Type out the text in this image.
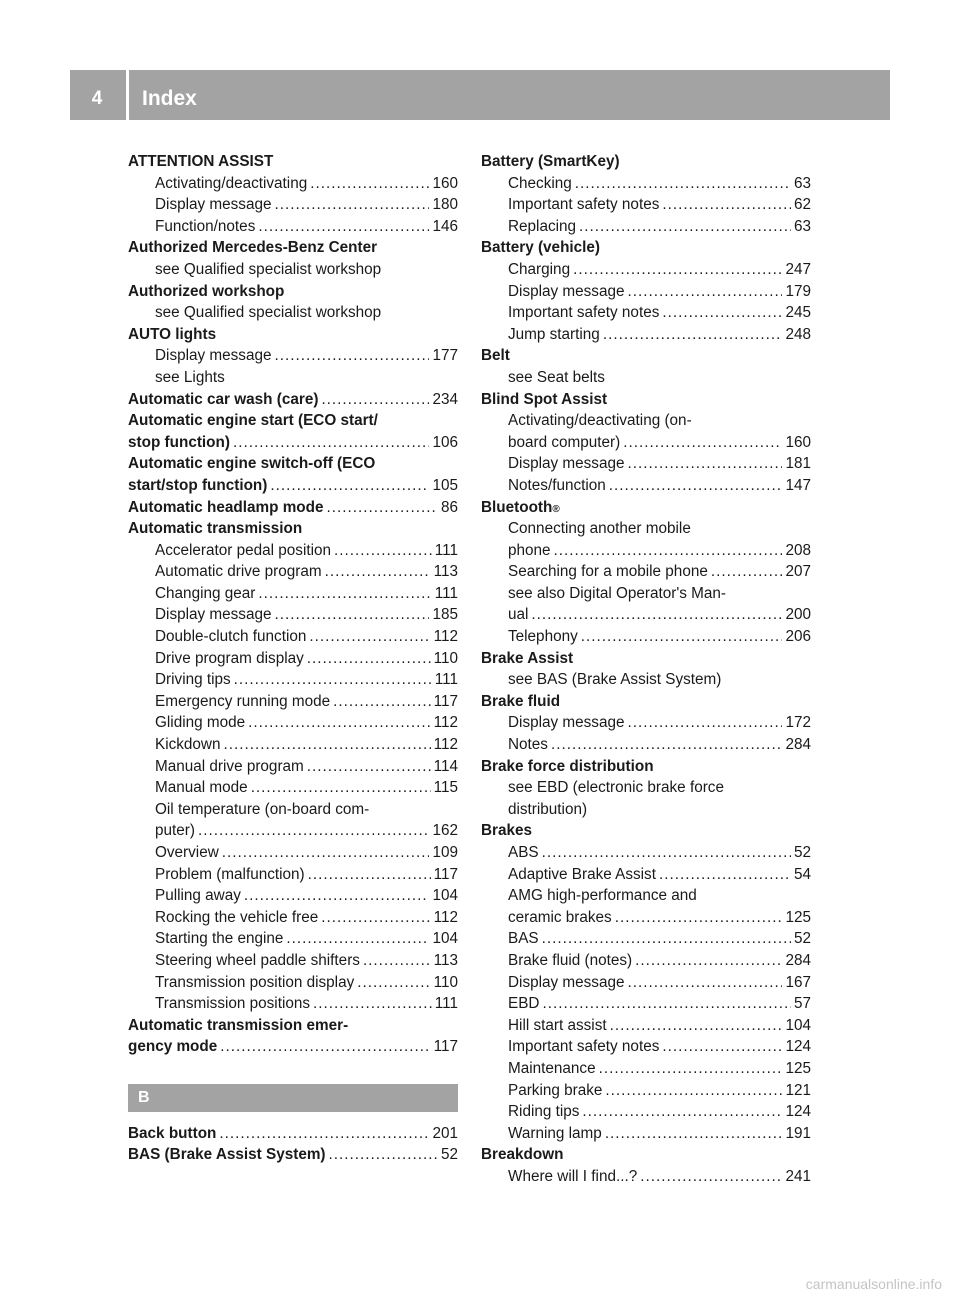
4	Index
ATTENTION ASSIST
Activating/deactivating .....	160
Display message .....	180
Function/notes .....	146
Authorized Mercedes-Benz Center
see Qualified specialist workshop
Authorized workshop
see Qualified specialist workshop
AUTO lights
Display message .....	177
see Lights
Automatic car wash (care) .....	234
Automatic engine start (ECO start/
stop function) .....	106
Automatic engine switch-off (ECO
start/stop function) .....	105
Automatic headlamp mode .....	86
Automatic transmission
Accelerator pedal position .....	111
Automatic drive program .....	113
Changing gear .....	111
Display message .....	185
Double-clutch function .....	112
Drive program display .....	110
Driving tips .....	111
Emergency running mode .....	117
Gliding mode .....	112
Kickdown .....	112
Manual drive program .....	114
Manual mode .....	115
Oil temperature (on-board com-
puter) .....	162
Overview .....	109
Problem (malfunction) .....	117
Pulling away .....	104
Rocking the vehicle free .....	112
Starting the engine .....	104
Steering wheel paddle shifters .....	113
Transmission position display .....	110
Transmission positions .....	111
Automatic transmission emer-
gency mode .....	117
B
Back button .....	201
BAS (Brake Assist System) .....	52
Battery (SmartKey)
Checking .....	63
Important safety notes .....	62
Replacing .....	63
Battery (vehicle)
Charging .....	247
Display message .....	179
Important safety notes .....	245
Jump starting .....	248
Belt
see Seat belts
Blind Spot Assist
Activating/deactivating (on-
board computer) .....	160
Display message .....	181
Notes/function .....	147
Bluetooth ®
Connecting another mobile
phone .....	208
Searching for a mobile phone .....	207
see also Digital Operator's Man-
ual .....	200
Telephony .....	206
Brake Assist
see BAS (Brake Assist System)
Brake fluid
Display message .....	172
Notes .....	284
Brake force distribution
see EBD (electronic brake force
distribution)
Brakes
ABS .....	52
Adaptive Brake Assist .....	54
AMG high-performance and
ceramic brakes .....	125
BAS .....	52
Brake fluid (notes) .....	284
Display message .....	167
EBD .....	57
Hill start assist .....	104
Important safety notes .....	124
Maintenance .....	125
Parking brake .....	121
Riding tips .....	124
Warning lamp .....	191
Breakdown
Where will I find...? .....	241
carmanualsonline.info
